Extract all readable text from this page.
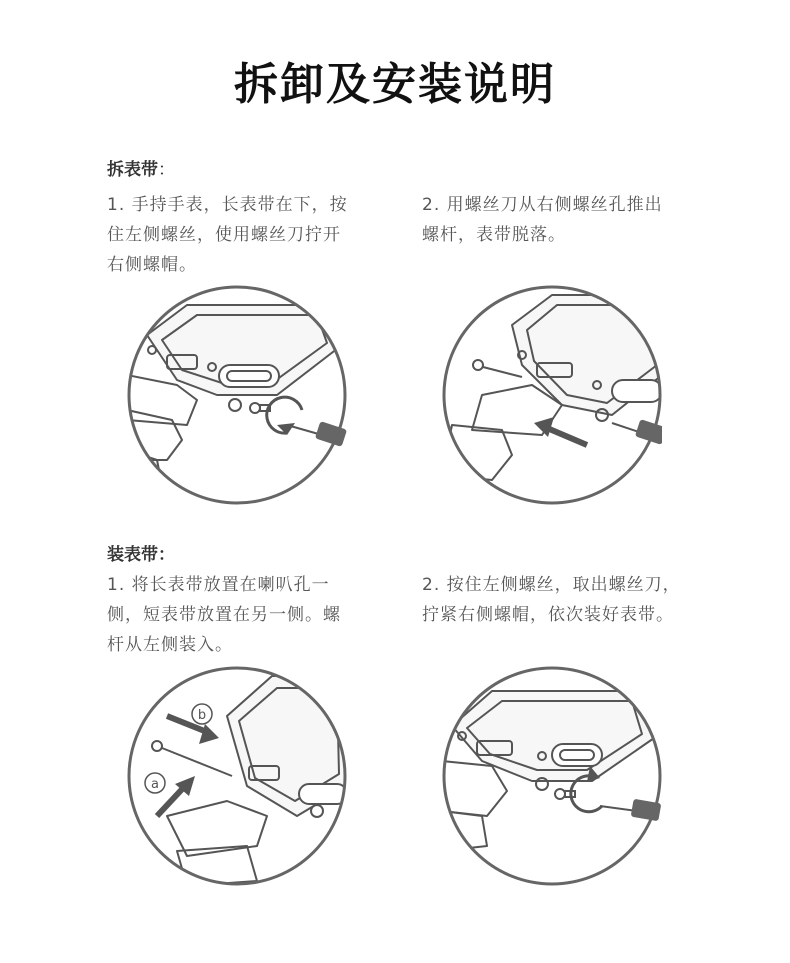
拆卸及安装说明
拆表带：
1. 手持手表，长表带在下，按
住左侧螺丝，使用螺丝刀拧开
右侧螺帽。
2. 用螺丝刀从右侧螺丝孔推出
螺杆，表带脱落。
装表带：
1. 将长表带放置在喇叭孔一
侧，短表带放置在另一侧。螺
杆从左侧装入。
2. 按住左侧螺丝，取出螺丝刀，
拧紧右侧螺帽，依次装好表带。
b
a
